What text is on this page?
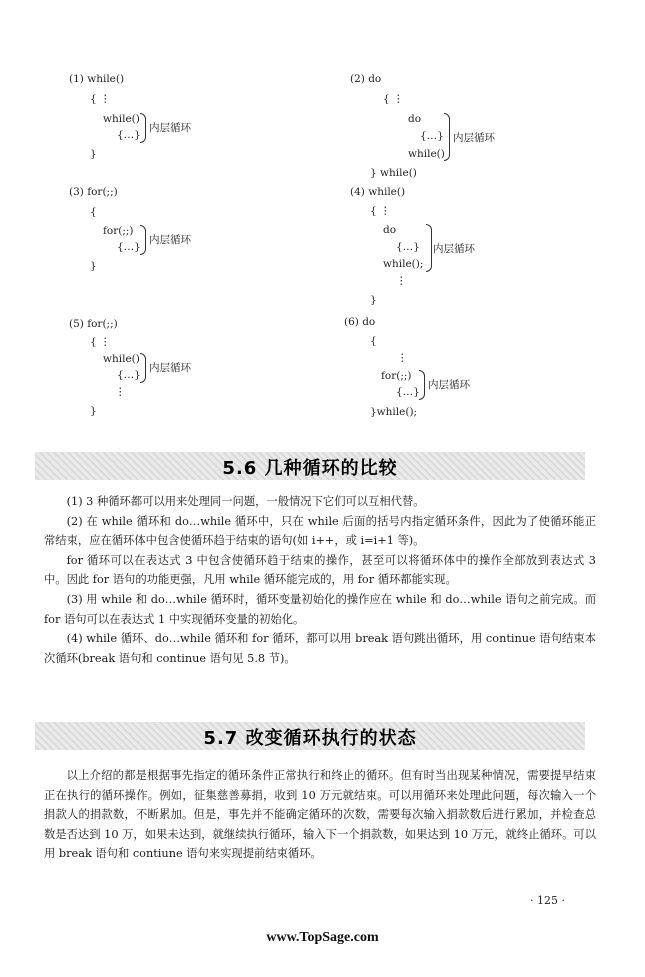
(1) while()
{ ⋮
while()
{…}
内层循环
}
(2) do
{ ⋮
do
{…}
while()
内层循环
} while()
(3) for(;;)
{
for(;;)
{…}
内层循环
}
(4) while()
{ ⋮
do
{…}
while();
内层循环
⋮
}
(5) for(;;)
{ ⋮
while()
{…}
内层循环
⋮
}
(6) do
{
⋮
for(;;)
{…}
内层循环
}while();
5.6 几种循环的比较

(1) 3 种循环都可以用来处理同一问题，一般情况下它们可以互相代替。

(2) 在 while 循环和 do…while 循环中，只在 while 后面的括号内指定循环条件，因此为了使循环能正常结束，应在循环体中包含使循环趋于结束的语句(如 i++，或 i=i+1 等)。

for 循环可以在表达式 3 中包含使循环趋于结束的操作，甚至可以将循环体中的操作全部放到表达式 3 中。因此 for 语句的功能更强，凡用 while 循环能完成的，用 for 循环都能实现。

(3) 用 while 和 do…while 循环时，循环变量初始化的操作应在 while 和 do…while 语句之前完成。而 for 语句可以在表达式 1 中实现循环变量的初始化。

(4) while 循环、do…while 循环和 for 循环，都可以用 break 语句跳出循环，用 continue 语句结束本次循环(break 语句和 continue 语句见 5.8 节)。

5.7 改变循环执行的状态

以上介绍的都是根据事先指定的循环条件正常执行和终止的循环。但有时当出现某种情况，需要提早结束正在执行的循环操作。例如，征集慈善募捐，收到 10 万元就结束。可以用循环来处理此问题，每次输入一个捐款人的捐款数，不断累加。但是，事先并不能确定循环的次数，需要每次输入捐款数后进行累加，并检查总数是否达到 10 万，如果未达到，就继续执行循环，输入下一个捐款数，如果达到 10 万元，就终止循环。可以用 break 语句和 contiune 语句来实现提前结束循环。

· 125 ·
www.TopSage.com
